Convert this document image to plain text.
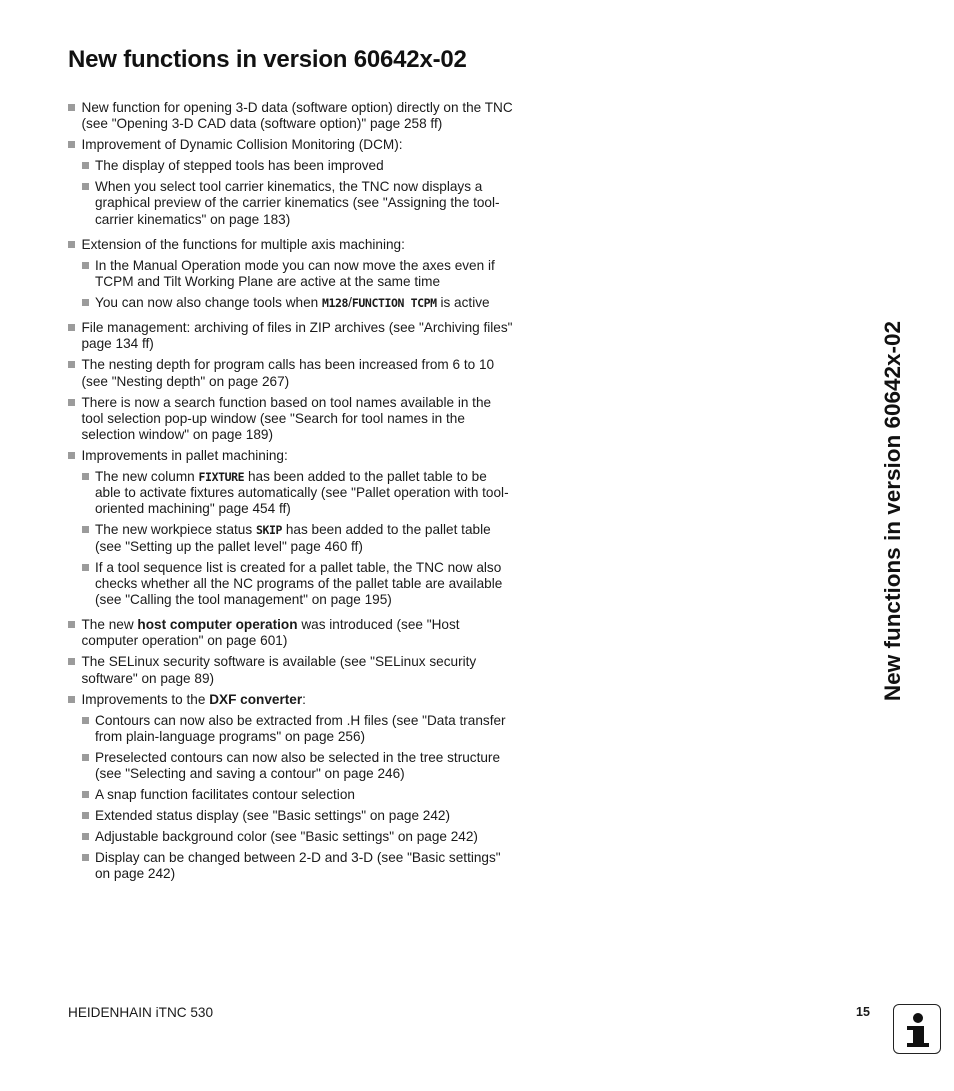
New functions in version 60642x-02
New function for opening 3-D data (software option) directly on the TNC (see "Opening 3-D CAD data (software option)" page 258 ff)
Improvement of Dynamic Collision Monitoring (DCM):
The display of stepped tools has been improved
When you select tool carrier kinematics, the TNC now displays a graphical preview of the carrier kinematics (see "Assigning the tool-carrier kinematics" on page 183)
Extension of the functions for multiple axis machining:
In the Manual Operation mode you can now move the axes even if TCPM and Tilt Working Plane are active at the same time
You can now also change tools when M128/FUNCTION TCPM is active
File management: archiving of files in ZIP archives (see "Archiving files" page 134 ff)
The nesting depth for program calls has been increased from 6 to 10 (see "Nesting depth" on page 267)
There is now a search function based on tool names available in the tool selection pop-up window (see "Search for tool names in the selection window" on page 189)
Improvements in pallet machining:
The new column FIXTURE has been added to the pallet table to be able to activate fixtures automatically (see "Pallet operation with tool-oriented machining" page 454 ff)
The new workpiece status SKIP has been added to the pallet table (see "Setting up the pallet level" page 460 ff)
If a tool sequence list is created for a pallet table, the TNC now also checks whether all the NC programs of the pallet table are available (see "Calling the tool management" on page 195)
The new host computer operation was introduced (see "Host computer operation" on page 601)
The SELinux security software is available (see "SELinux security software" on page 89)
Improvements to the DXF converter:
Contours can now also be extracted from .H files (see "Data transfer from plain-language programs" on page 256)
Preselected contours can now also be selected in the tree structure (see "Selecting and saving a contour" on page 246)
A snap function facilitates contour selection
Extended status display (see "Basic settings" on page 242)
Adjustable background color (see "Basic settings" on page 242)
Display can be changed between 2-D and 3-D (see "Basic settings" on page 242)
New functions in version 60642x-02
HEIDENHAIN iTNC 530	15
